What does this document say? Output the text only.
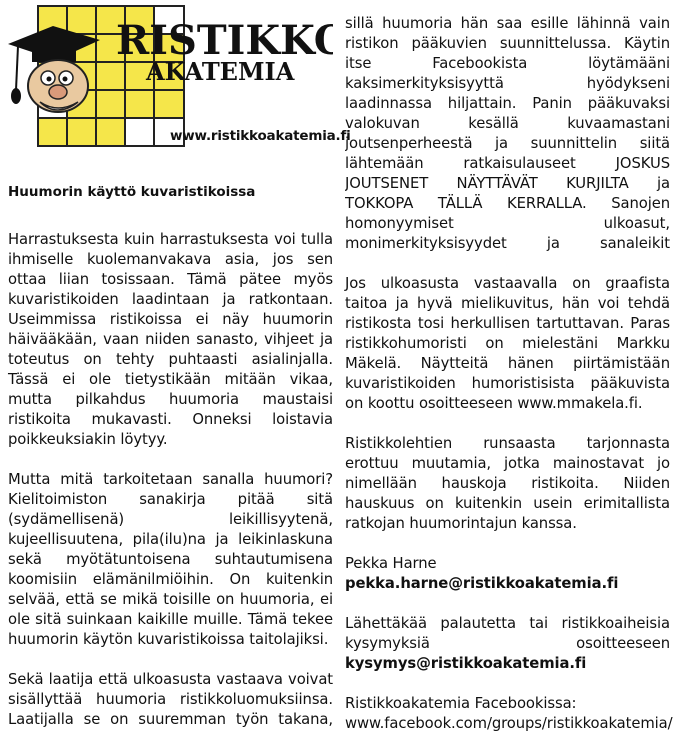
RISTIKKO
AKATEMIA
www.ristikkoakatemia.fi
Huumorin käyttö kuvaristikoissa

Harrastuksesta kuin harrastuksesta voi tulla ihmiselle kuolemanvakava asia, jos sen ottaa liian tosissaan. Tämä pätee myös kuvaristikoiden laadintaan ja ratkontaan. Useimmissa ristikoissa ei näy huumorin häivääkään, vaan niiden sanasto, vihjeet ja toteutus on tehty puhtaasti asialinjalla. Tässä ei ole tietystikään mitään vikaa, mutta pilkahdus huumoria maustaisi ristikoita mukavasti. Onneksi loistavia poikkeuksiakin löytyy.

Mutta mitä tarkoitetaan sanalla huumori? Kielitoimiston sanakirja pitää sitä (sydämellisenä) leikillisyytenä, kujeellisuutena, pila(ilu)na ja leikinlaskuna sekä myötätuntoisena suhtautumisena koomisiin elämänilmiöihin. On kuitenkin selvää, että se mikä toisille on huumoria, ei ole sitä suinkaan kaikille muille. Tämä tekee huumorin käytön kuvaristikoissa taitolajiksi.

Sekä laatija että ulkoasusta vastaava voivat sisällyttää huumoria ristikkoluomuksiinsa. Laatijalla se on suuremman työn takana,

sillä huumoria hän saa esille lähinnä vain ristikon pääkuvien suunnittelussa. Käytin itse Facebookista löytämääni kaksimerkityksisyyttä hyödykseni laadinnassa hiljattain. Panin pääkuvaksi valokuvan kesällä kuvaamastani joutsenperheestä ja suunnittelin siitä lähtemään ratkaisulauseet JOSKUS JOUTSENET NÄYTTÄVÄT KURJILTA ja TOKKOPA TÄLLÄ KERRALLA. Sanojen homonyymiset ulkoasut, monimerkityksisyydet ja sanaleikit

Jos ulkoasusta vastaavalla on graafista taitoa ja hyvä mielikuvitus, hän voi tehdä ristikosta tosi herkullisen tartuttavan. Paras ristikkohumoristi on mielestäni Markku Mäkelä. Näytteitä hänen piirtämistään kuvaristikoiden humoristisista pääkuvista on koottu osoitteeseen www.mmakela.fi.

Ristikkolehtien runsaasta tarjonnasta erottuu muutamia, jotka mainostavat jo nimellään hauskoja ristikoita. Niiden hauskuus on kuitenkin usein erimitallista ratkojan huumorintajun kanssa.

Pekka Harne
pekka.harne@ristikkoakatemia.fi

Lähettäkää palautetta tai ristikkoaiheisia kysymyksiä osoitteeseen kysymys@ristikkoakatemia.fi

Ristikkoakatemia Facebookissa:
www.facebook.com/groups/ristikkoakatemia/
